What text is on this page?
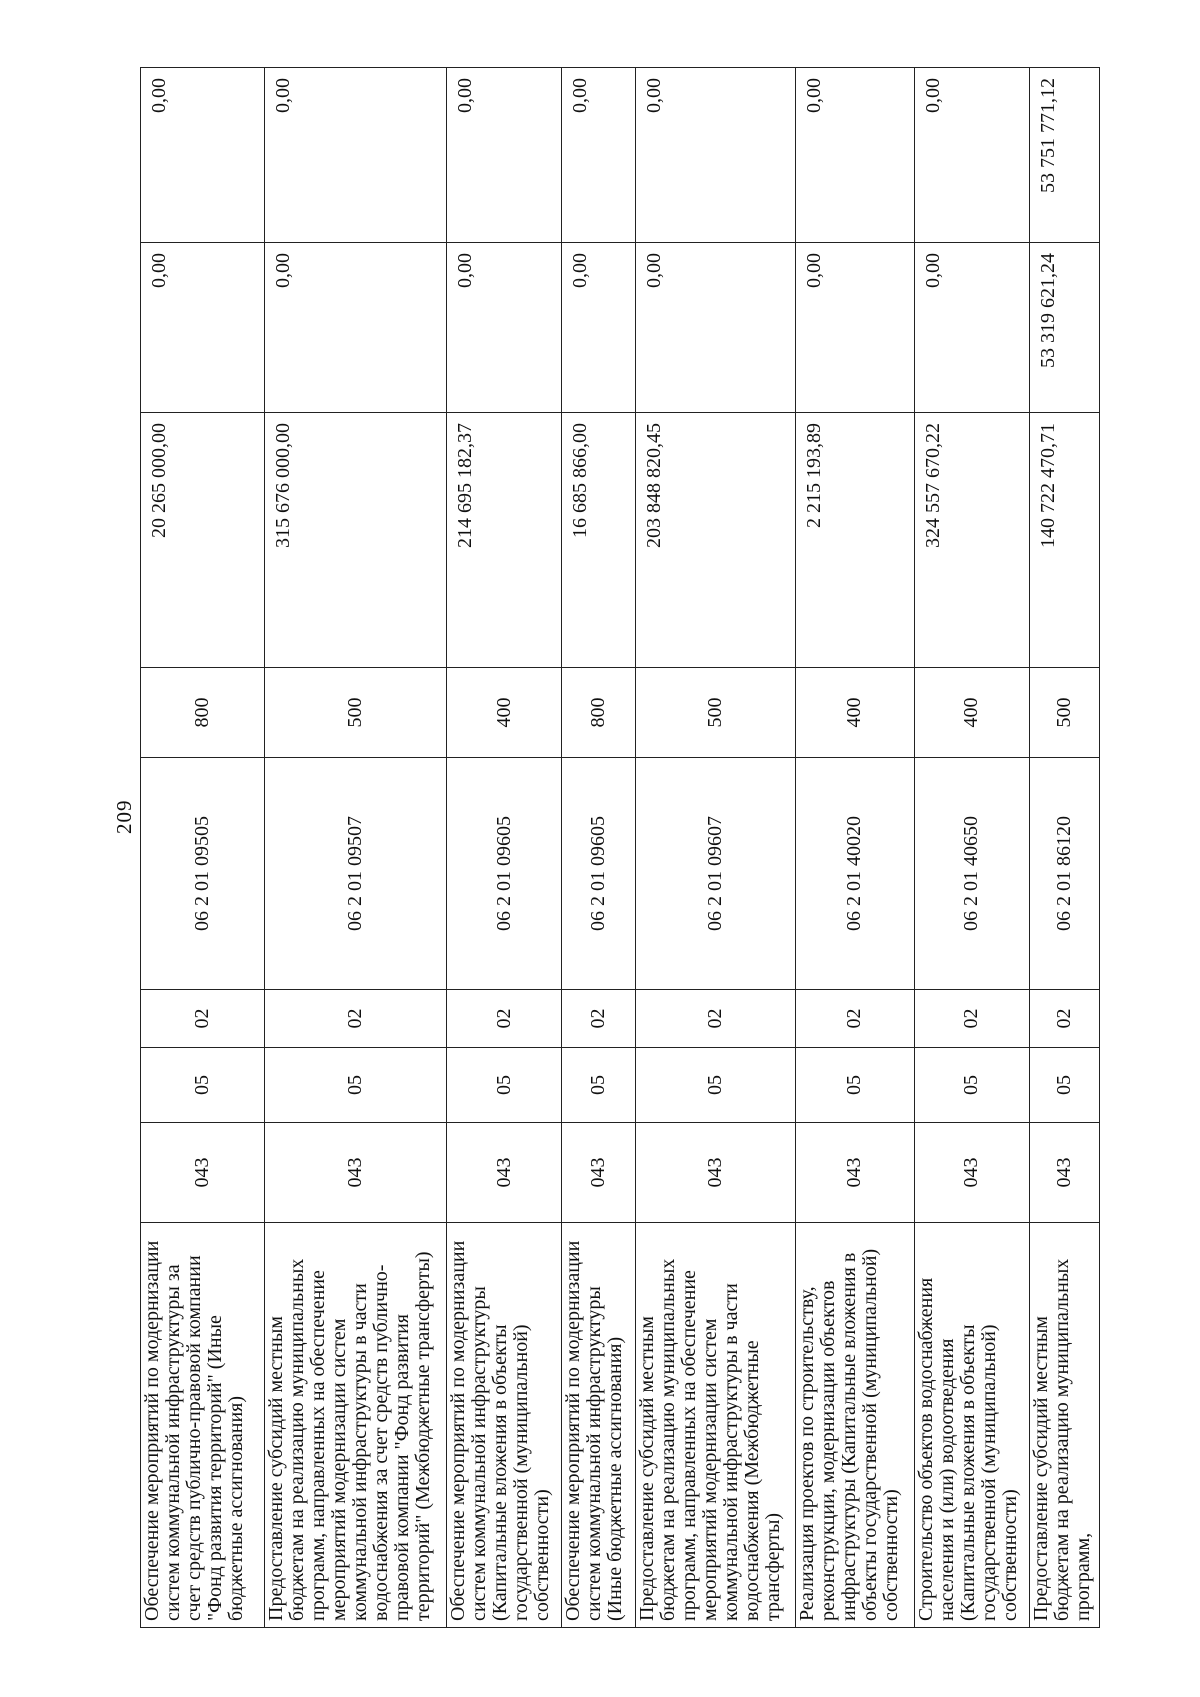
209
Обеспечение мероприятий по модернизации систем коммунальной инфраструктуры за счет средств публично-правовой компании "Фонд развития территорий" (Иные бюджетные ассигнования)	043	05	02	06 2 01 09505	800	20 265 000,00	0,00	0,00
Предоставление субсидий местным бюджетам на реализацию муниципальных программ, направленных на обеспечение мероприятий модернизации систем коммунальной инфраструктуры в части водоснабжения за счет средств публично-правовой компании "Фонд развития территорий" (Межбюджетные трансферты)	043	05	02	06 2 01 09507	500	315 676 000,00	0,00	0,00
Обеспечение мероприятий по модернизации систем коммунальной инфраструктуры (Капитальные вложения в объекты государственной (муниципальной) собственности)	043	05	02	06 2 01 09605	400	214 695 182,37	0,00	0,00
Обеспечение мероприятий по модернизации систем коммунальной инфраструктуры (Иные бюджетные ассигнования)	043	05	02	06 2 01 09605	800	16 685 866,00	0,00	0,00
Предоставление субсидий местным бюджетам на реализацию муниципальных программ, направленных на обеспечение мероприятий модернизации систем коммунальной инфраструктуры в части водоснабжения (Межбюджетные трансферты)	043	05	02	06 2 01 09607	500	203 848 820,45	0,00	0,00
Реализация проектов по строительству, реконструкции, модернизации объектов инфраструктуры (Капитальные вложения в объекты государственной (муниципальной) собственности)	043	05	02	06 2 01 40020	400	2 215 193,89	0,00	0,00
Строительство объектов водоснабжения населения и (или) водоотведения (Капитальные вложения в объекты государственной (муниципальной) собственности)	043	05	02	06 2 01 40650	400	324 557 670,22	0,00	0,00
Предоставление субсидий местным бюджетам на реализацию муниципальных программ,	043	05	02	06 2 01 86120	500	140 722 470,71	53 319 621,24	53 751 771,12
